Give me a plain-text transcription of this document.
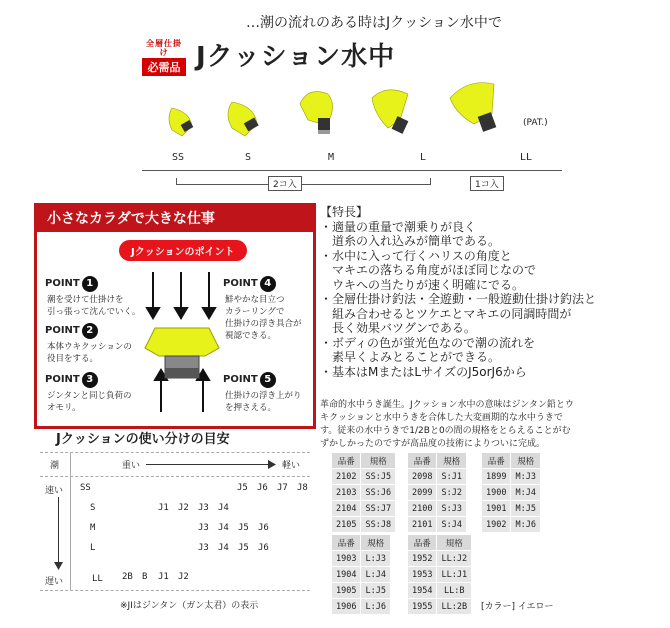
…潮の流れのある時はJクッション水中で
全層仕掛け
必需品 Jクッション水中
(PAT.)
SS	S	M	L	LL
2コ入	1コ入
小さなカラダで大きな仕事
Jクッションのポイント
POINT 1
潮を受けて仕掛けを
引っ張って沈んでいく。
POINT 2
本体ウキクッションの
役目をする。
POINT 3
ジンタンと同じ負荷の
オモリ。
POINT 4
鮮やかな目立つ
カラーリングで
仕掛けの浮き具合が
視認できる。
POINT 5
仕掛けの浮き上がり
を押さえる。
【特長】
・適量の重量で潮乗りが良く
　道糸の入れ込みが簡単である。
・水中に入って行くハリスの角度と
　マキエの落ちる角度がほぼ同じなので
　ウキへの当たりが速く明確にでる。
・全層仕掛け釣法・全遊動・一般遊動仕掛け釣法と
　組み合わせるとツケエとマキエの同調時間が
　長く効果バツグンである。
・ボディの色が蛍光色なので潮の流れを
　素早くよみとることができる。
・基本はMまたはLサイズのJ5orJ6から
革命的水中うき誕生。Jクッション水中の意味はジンタン鉛とウ
キクッションと水中うきを合体した大変画期的な水中うきで
す。従来の水中うきで1/2Bと0の間の規格をとらえることがむ
ずかしかったのですが高品度の技術によりついに完成。
品番	規格
2102	SS:J5
2103	SS:J6
2104	SS:J7
2105	SS:J8
品番	規格
2098	S:J1
2099	S:J2
2100	S:J3
2101	S:J4
品番	規格
1899	M:J3
1900	M:J4
1901	M:J5
1902	M:J6
品番	規格
1903	L:J3
1904	L:J4
1905	L:J5
1906	L:J6
品番	規格
1952	LL:J2
1953	LL:J1
1954	LL:B
1955	LL:2B [カラー] イエロー
Jクッションの使い分けの目安
潮	重い	軽い
速い
遅い
SS	J5 J6 J7 J8
S	J1 J2 J3 J4
M	J3 J4 J5 J6
L	J3 J4 J5 J6
LL 2B B J1 J2
※JIはジンタン（ガン太君）の表示
